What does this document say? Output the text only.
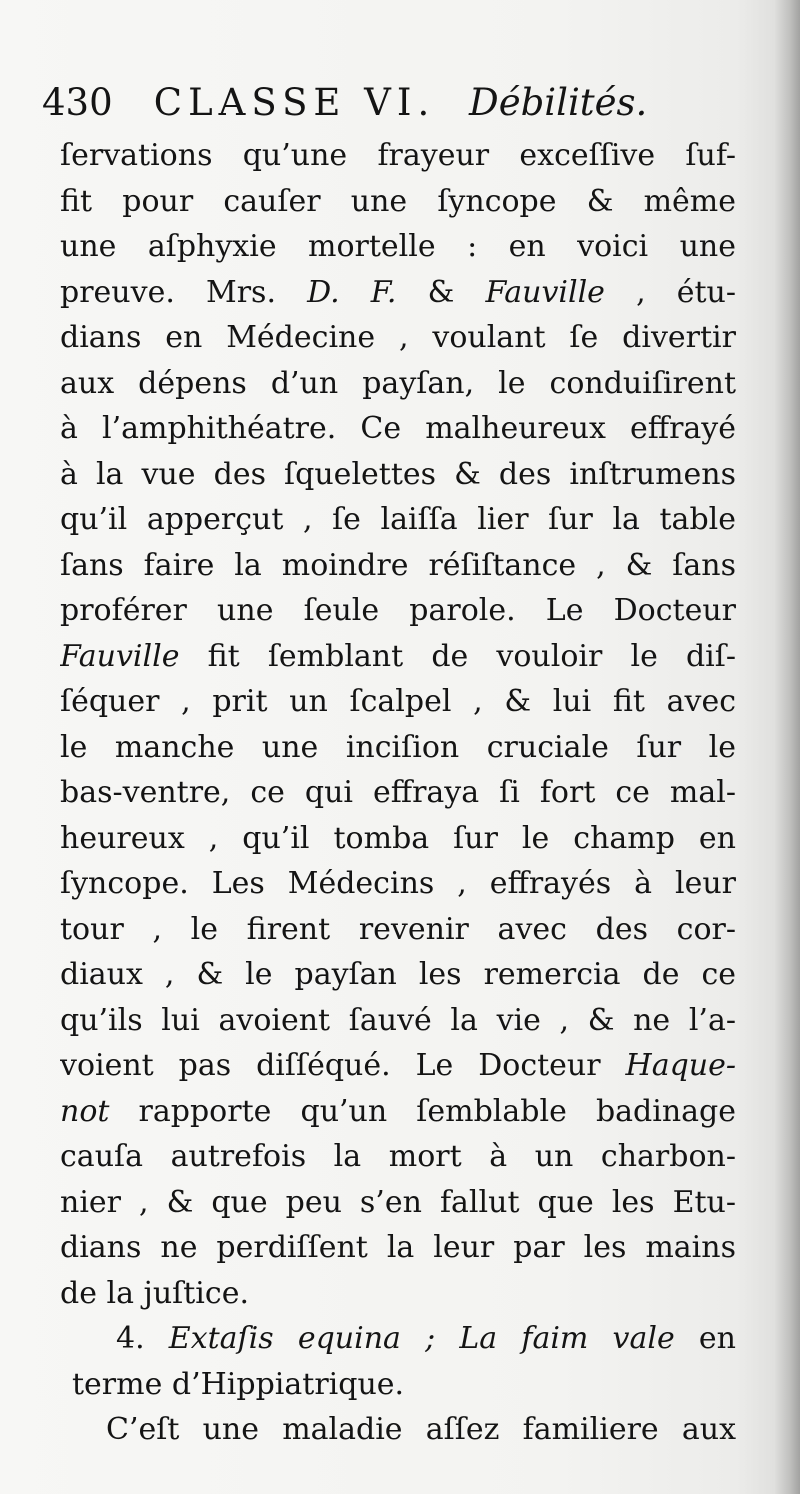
430 CLASSE VI. Débilités.
ſervations qu’une frayeur exceſſive ſuf-
fit pour cauſer une ſyncope & même
une aſphyxie mortelle : en voici une
preuve. Mrs. D. F. & Fauville , étu-
dians en Médecine , voulant ſe divertir
aux dépens d’un payſan, le conduiſirent
à l’amphithéatre. Ce malheureux effrayé
à la vue des ſquelettes & des inſtrumens
qu’il apperçut , ſe laiſſa lier ſur la table
ſans faire la moindre réſiſtance , & ſans
proférer une ſeule parole. Le Docteur
Fauville fit ſemblant de vouloir le diſ-
ſéquer , prit un ſcalpel , & lui fit avec
le manche une inciſion cruciale ſur le
bas-ventre, ce qui effraya ſi fort ce mal-
heureux , qu’il tomba ſur le champ en
ſyncope. Les Médecins , effrayés à leur
tour , le firent revenir avec des cor-
diaux , & le payſan les remercia de ce
qu’ils lui avoient ſauvé la vie , & ne l’a-
voient pas diſſéqué. Le Docteur Haque-
not rapporte qu’un ſemblable badinage
cauſa autrefois la mort à un charbon-
nier , & que peu s’en fallut que les Etu-
dians ne perdiſſent la leur par les mains
de la juſtice.
4. Extaſis equina ; La faim vale en
terme d’Hippiatrique.
C’eſt une maladie aſſez familiere aux
